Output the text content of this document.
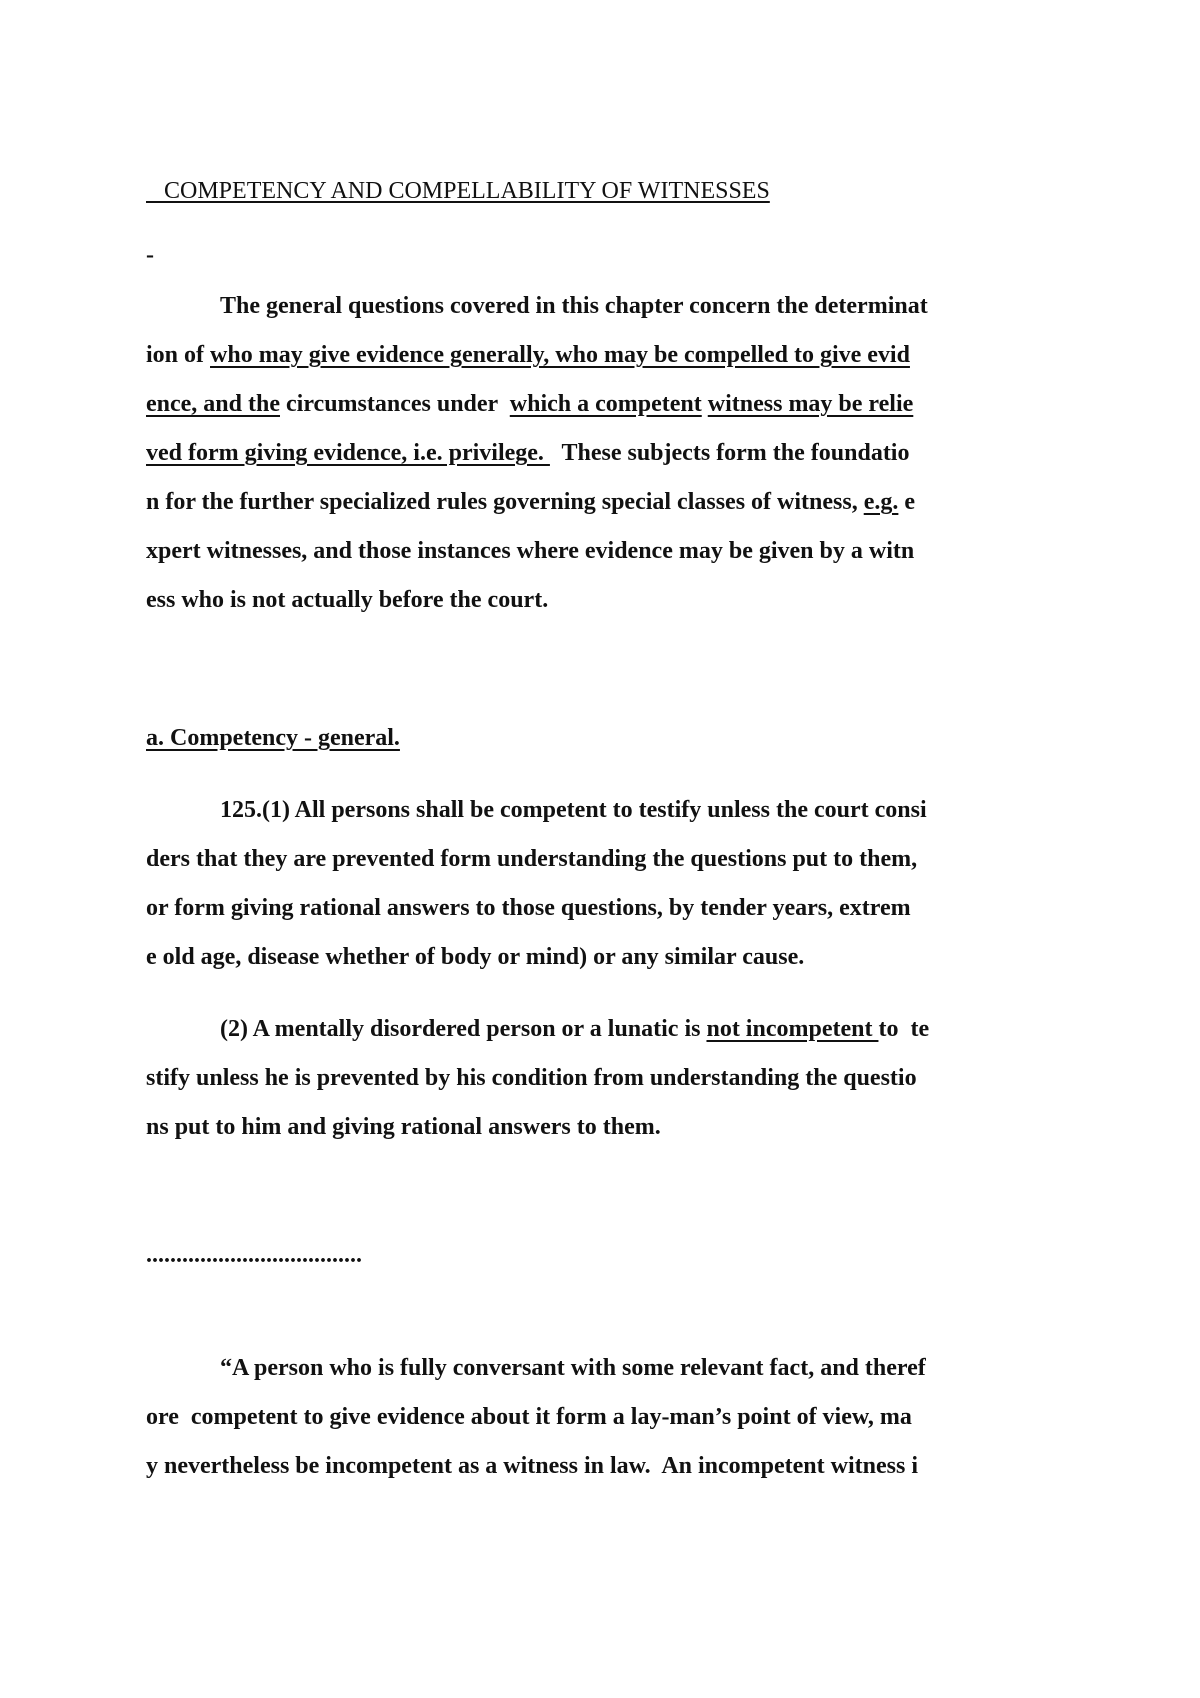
COMPETENCY AND COMPELLABILITY OF WITNESSES
-
The general questions covered in this chapter concern the determinat
ion of who may give evidence generally, who may be compelled to give evid
ence, and the circumstances under  which a competent witness may be relie
ved form giving evidence, i.e. privilege.   These subjects form the foundatio
n for the further specialized rules governing special classes of witness, e.g. e
xpert witnesses, and those instances where evidence may be given by a witn
ess who is not actually before the court.
a. Competency - general.
125.(1) All persons shall be competent to testify unless the court consi
ders that they are prevented form understanding the questions put to them,
or form giving rational answers to those questions, by tender years, extrem
e old age, disease whether of body or mind) or any similar cause.
(2) A mentally disordered person or a lunatic is not incompetent to  te
stify unless he is prevented by his condition from understanding the questio
ns put to him and giving rational answers to them.
....................................
“A person who is fully conversant with some relevant fact, and theref
ore  competent to give evidence about it form a lay-man’s point of view, ma
y nevertheless be incompetent as a witness in law.  An incompetent witness i
